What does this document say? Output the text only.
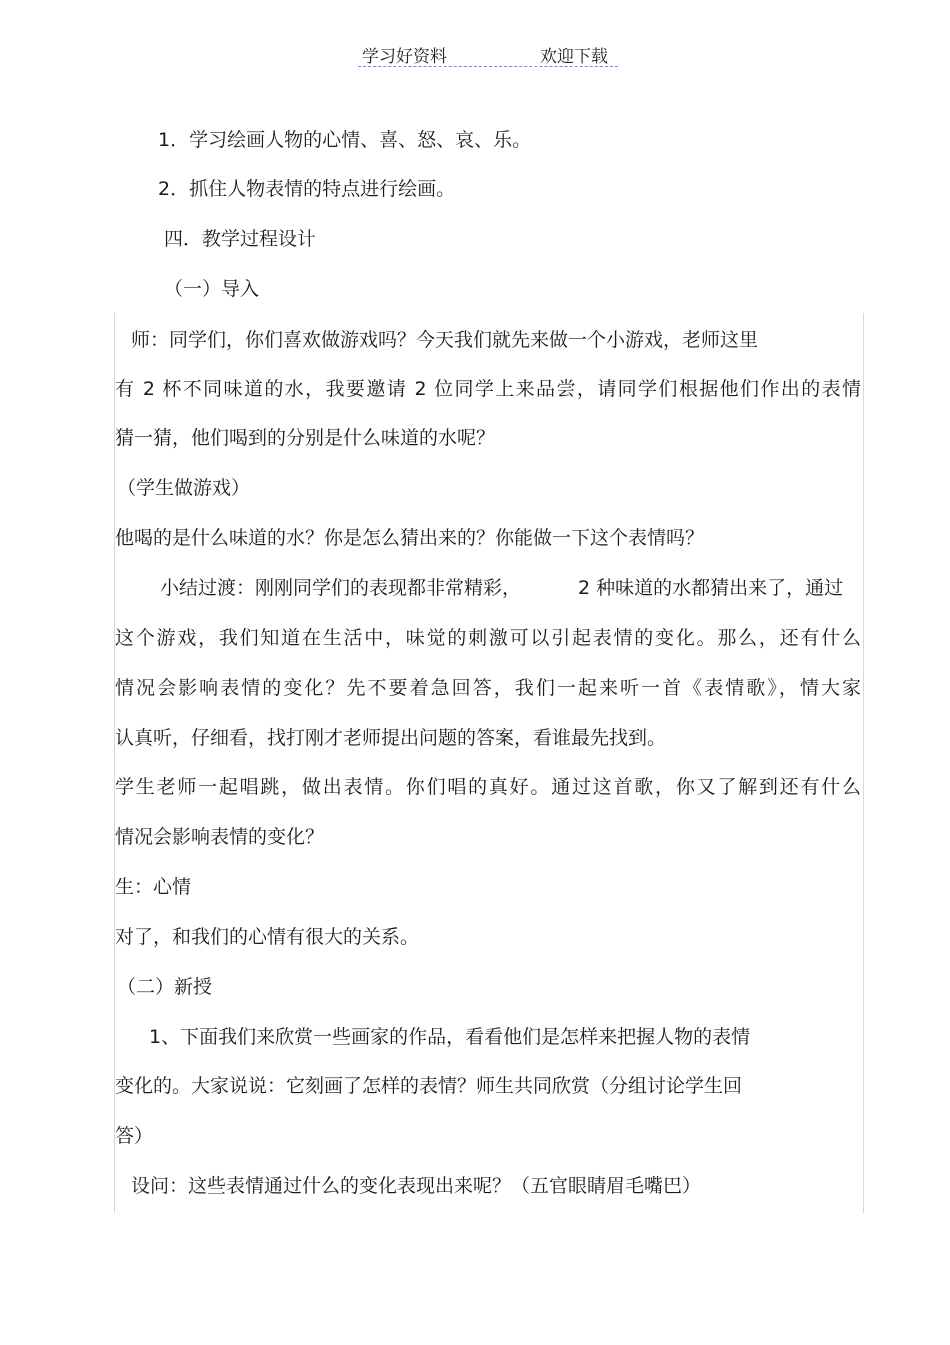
学习好资料	欢迎下载
1．学习绘画人物的心情、喜、怒、哀、乐。
2．抓住人物表情的特点进行绘画。
四．教学过程设计
（一）导入
师：同学们，你们喜欢做游戏吗？今天我们就先来做一个小游戏，老师这里
有 2 杯不同味道的水，我要邀请 2 位同学上来品尝，请同学们根据他们作出的表情
猜一猜，他们喝到的分别是什么味道的水呢？
（学生做游戏）
他喝的是什么味道的水？你是怎么猜出来的？你能做一下这个表情吗？
小结过渡：刚刚同学们的表现都非常精彩，	2 种味道的水都猜出来了，通过
这个游戏，我们知道在生活中，味觉的刺激可以引起表情的变化。那么，还有什么
情况会影响表情的变化？先不要着急回答，我们一起来听一首《表情歌》，情大家
认真听，仔细看，找打刚才老师提出问题的答案，看谁最先找到。
学生老师一起唱跳，做出表情。你们唱的真好。通过这首歌，你又了解到还有什么
情况会影响表情的变化？
生：心情
对了，和我们的心情有很大的关系。
（二）新授
1、下面我们来欣赏一些画家的作品，看看他们是怎样来把握人物的表情
变化的。大家说说：它刻画了怎样的表情？师生共同欣赏（分组讨论学生回
答）
设问：这些表情通过什么的变化表现出来呢？（五官眼睛眉毛嘴巴）
